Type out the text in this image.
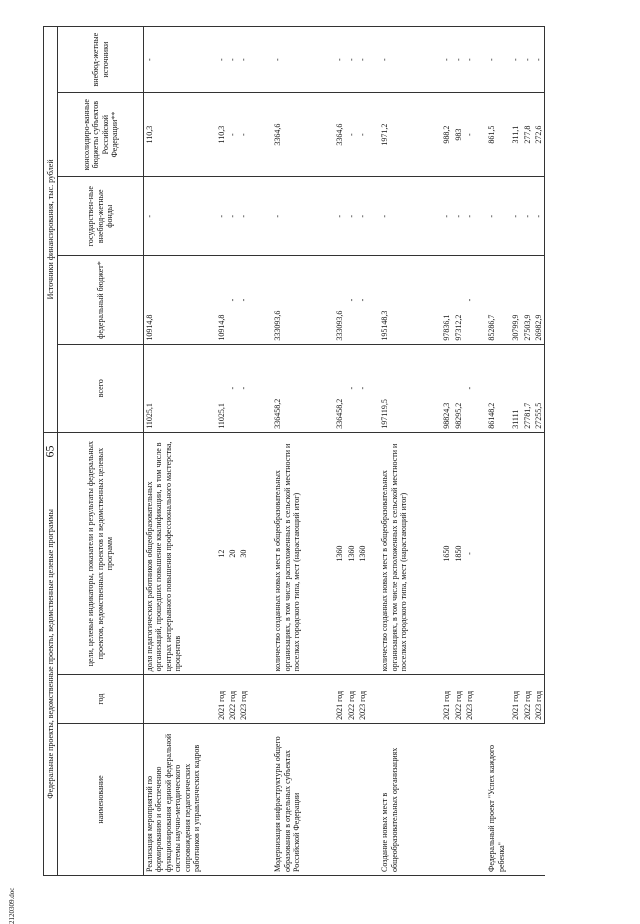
65
2120309.doc
Федеральные проекты, ведомственные проекты, ведомственные целевые программы			Источники финансирования, тыс. рублей				
наименование	год	цели, целевые индикаторы, показатели и результаты федеральных проектов, ведомственных проектов и ведомственных целевых программ	всего	федеральный бюджет*	государствен-ные внебюд-жетные фонды	консолидиро-ванные бюджеты субъектов Российской Федерации**	внебюд-жетные источники
Реализация мероприятий по формированию и обеспечению функционирования единой федеральной системы научно-методического сопровождения педагогических работников и управленческих кадров		доля педагогических работников общеобразовательных организаций, прошедших повышение квалификации, в том числе в центрах непрерывного повышения профессионального мастерства, процентов	11025,1	10914,8	-	110,3	-
	2021 год	12	11025,1	10914,8	-	110,3	-
	2022 год	20	-	-	-	-	-
	2023 год	30	-	-	-	-	-
Модернизация инфраструктуры общего образования в отдельных субъектах Российской Федерации		количество созданных новых мест в общеобразовательных организациях, в том числе расположенных в сельской местности и поселках городского типа, мест (нарастающий итог)	336458,2	333093,6	-	3364,6	-
	2021 год	1360	336458,2	333093,6	-	3364,6	-
	2022 год	1360	-	-	-	-	-
	2023 год	1360	-	-	-	-	-
Создание новых мест в общеобразовательных организациях		количество созданных новых мест в общеобразовательных организациях, в том числе расположенных в сельской местности и поселках городского типа, мест (нарастающий итог)	197119,5	195148,3	-	1971,2	-
	2021 год	1650	98824,3	97836,1	-	988,2	-
	2022 год	1850	98295,2	97312,2	-	983	-
	2023 год	-	-	-	-	-	-
Федеральный проект "Успех каждого ребенка"			86148,2	85286,7	-	861,5	-
	2021 год		31111	30799,9	-	311,1	-
	2022 год		27781,7	27503,9	-	277,8	-
	2023 год		27255,5	26982,9	-	272,6	-
